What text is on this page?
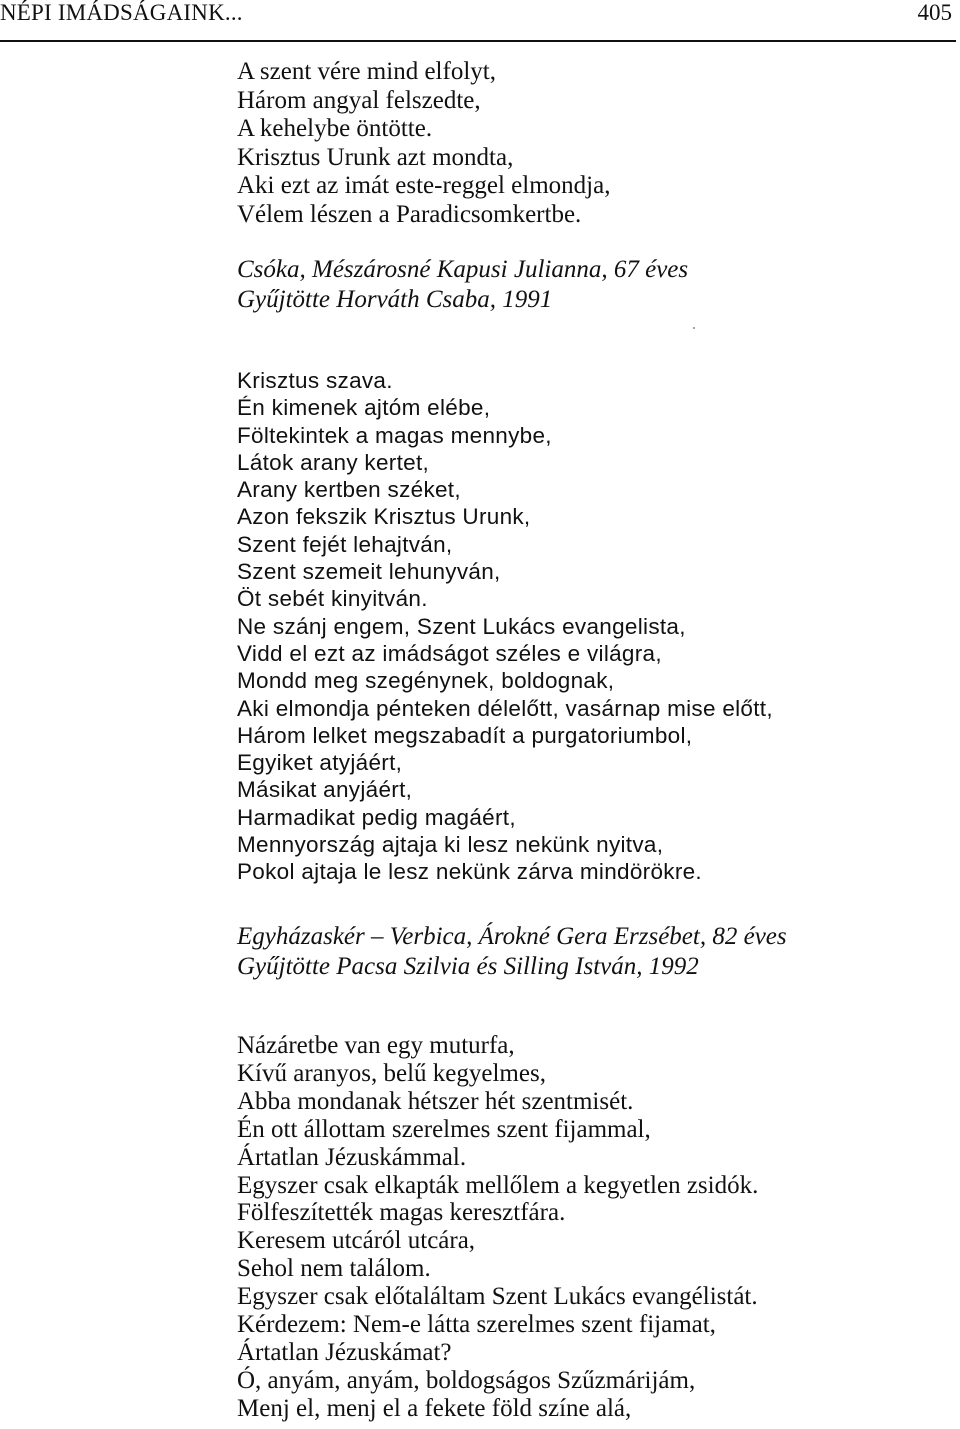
NÉPI IMÁDSÁGAINK...	405
A szent vére mind elfolyt,
Három angyal felszedte,
A kehelybe öntötte.
Krisztus Urunk azt mondta,
Aki ezt az imát este-reggel elmondja,
Vélem lészen a Paradicsomkertbe.
Csóka, Mészárosné Kapusi Julianna, 67 éves
Gyűjtötte Horváth Csaba, 1991
Krisztus szava.
Én kimenek ajtóm elébe,
Föltekintek a magas mennybe,
Látok arany kertet,
Arany kertben széket,
Azon fekszik Krisztus Urunk,
Szent fejét lehajtván,
Szent szemeit lehunyván,
Öt sebét kinyitván.
Ne szánj engem, Szent Lukács evangelista,
Vidd el ezt az imádságot széles e világra,
Mondd meg szegénynek, boldognak,
Aki elmondja pénteken délelőtt, vasárnap mise előtt,
Három lelket megszabadít a purgatoriumbol,
Egyiket atyjáért,
Másikat anyjáért,
Harmadikat pedig magáért,
Mennyország ajtaja ki lesz nekünk nyitva,
Pokol ajtaja le lesz nekünk zárva mindörökre.
Egyházaskér – Verbica, Árokné Gera Erzsébet, 82 éves
Gyűjtötte Pacsa Szilvia és Silling István, 1992
Názáretbe van egy muturfa,
Kívű aranyos, belű kegyelmes,
Abba mondanak hétszer hét szentmisét.
Én ott állottam szerelmes szent fijammal,
Ártatlan Jézuskámmal.
Egyszer csak elkapták mellőlem a kegyetlen zsidók.
Fölfeszítették magas keresztfára.
Keresem utcáról utcára,
Sehol nem találom.
Egyszer csak előtaláltam Szent Lukács evangélistát.
Kérdezem: Nem-e látta szerelmes szent fijamat,
Ártatlan Jézuskámat?
Ó, anyám, anyám, boldogságos Szűzmárijám,
Menj el, menj el a fekete föld színe alá,
